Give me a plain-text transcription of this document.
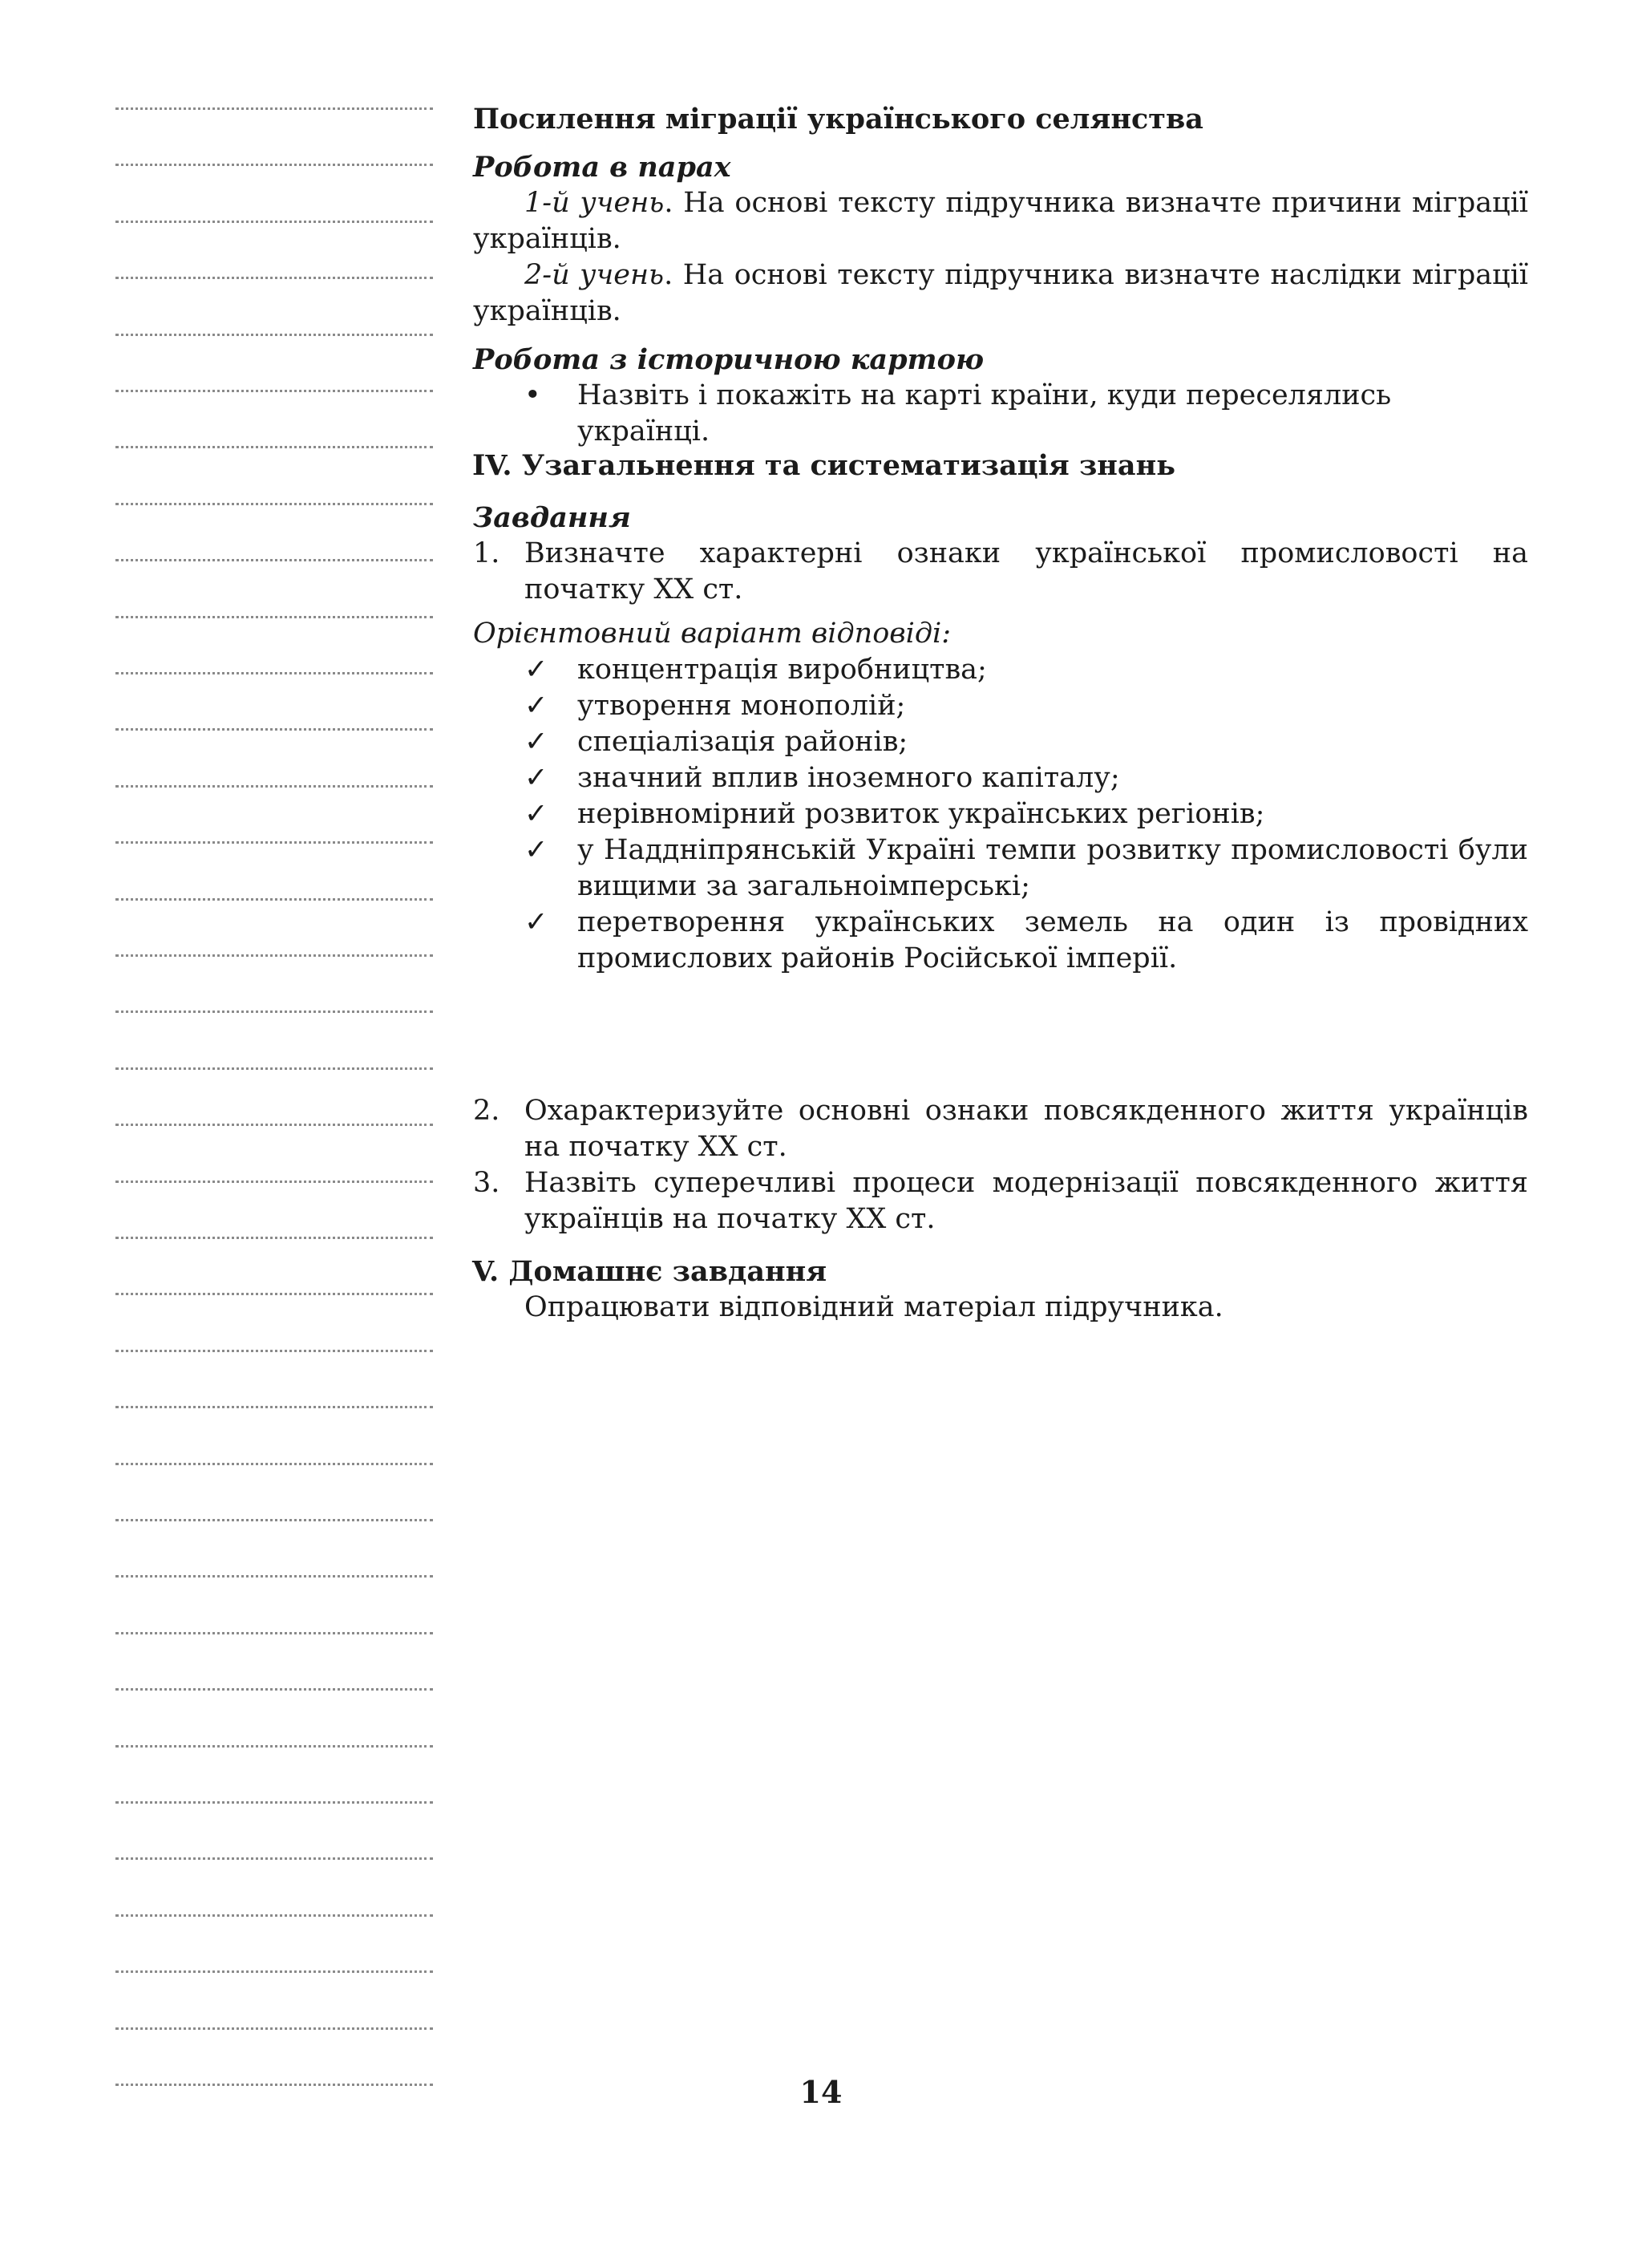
Посилення міграції українського селянства
Робота в парах
1-й учень. На основі тексту підручника визначте причини міграції українців.
2-й учень. На основі тексту підручника визначте наслідки міграції українців.
Робота з історичною картою
• Назвіть і покажіть на карті країни, куди переселялись українці.
IV. Узагальнення та систематизація знань
Завдання
1. Визначте характерні ознаки української промисловості на початку XX ст.
Орієнтовний варіант відповіді:
✓ концентрація виробництва;
✓ утворення монополій;
✓ спеціалізація районів;
✓ значний вплив іноземного капіталу;
✓ нерівномірний розвиток українських регіонів;
✓ у Наддніпрянській Україні темпи розвитку промисловості були вищими за загальноімперські;
✓ перетворення українських земель на один із провідних промислових районів Російської імперії.
2. Охарактеризуйте основні ознаки повсякденного життя українців на початку XX ст.
3. Назвіть суперечливі процеси модернізації повсякденного життя українців на початку XX ст.
V. Домашнє завдання
Опрацювати відповідний матеріал підручника.
14
